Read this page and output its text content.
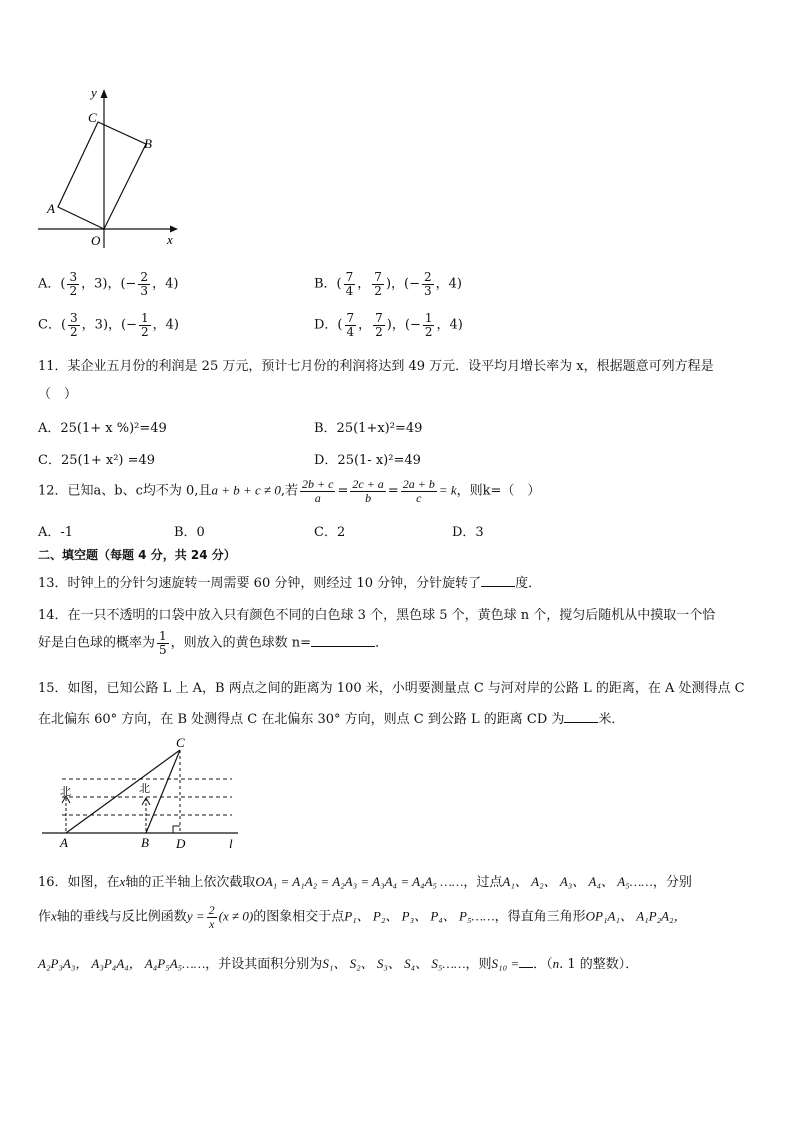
y
x
O
A
B
C
A．( $\frac{3}{2}$ ，3)，(− $\frac{2}{3}$ ，4)	B．( $\frac{7}{4}$ ， $\frac{7}{2}$ )，(− $\frac{2}{3}$ ，4)
C．( $\frac{3}{2}$ ，3)，(− $\frac{1}{2}$ ，4)	D．( $\frac{7}{4}$ ， $\frac{7}{2}$ )，(− $\frac{1}{2}$ ，4)
11．某企业五月份的利润是 25 万元，预计七月份的利润将达到 49 万元．设平均月增长率为 x，根据题意可列方程是
（　）
A．25(1+ x %)²=49	B．25(1+x)²=49
C．25(1+ x²) =49	D．25(1- x)²=49
12．已知a、b、c均不为 0,且a + b + c ≠ 0,若 $\frac{2b + c}{a} = \frac{2c + a}{b} = \frac{2a + b}{c} = k$，则k=（　）
A．-1	B．0	C．2	D．3
二、填空题（每题 4 分，共 24 分）
13．时钟上的分针匀速旋转一周需要 60 分钟，则经过 10 分钟，分针旋转了	度．
14．在一只不透明的口袋中放入只有颜色不同的白色球 3 个，黑色球 5 个，黄色球 n 个，搅匀后随机从中摸取一个恰
好是白色球的概率为 $\frac{1}{5}$ ，则放入的黄色球数 n=	．
15．如图，已知公路 L 上 A，B 两点之间的距离为 100 米，小明要测量点 C 与河对岸的公路 L 的距离，在 A 处测得点 C
在北偏东 60° 方向，在 B 处测得点 C 在北偏东 30° 方向，则点 C 到公路 L 的距离 CD 为	米．
北	北
C
A	B D	l
16．如图，在x轴的正半轴上依次截取OA₁ = A₁A₂ = A₂A₃ = A₃A₄ = A₄A₅ ……，过点A₁、 A₂、 A₃、 A₄、 A₅……，分别
作x轴的垂线与反比例函数$y = \frac{2}{x} (x \ne 0)$的图象相交于点P₁、 P₂、 P₃、 P₄、 P₅……，得直角三角形OP₁A₁、 A₁P₂A₂，
A₂P₃A₃， A₃P₄A₄， A₄P₅A₅……，并设其面积分别为S₁、 S₂、 S₃、 S₄、 S₅……，则S₁₀ = ．（n. 1 的整数）．
